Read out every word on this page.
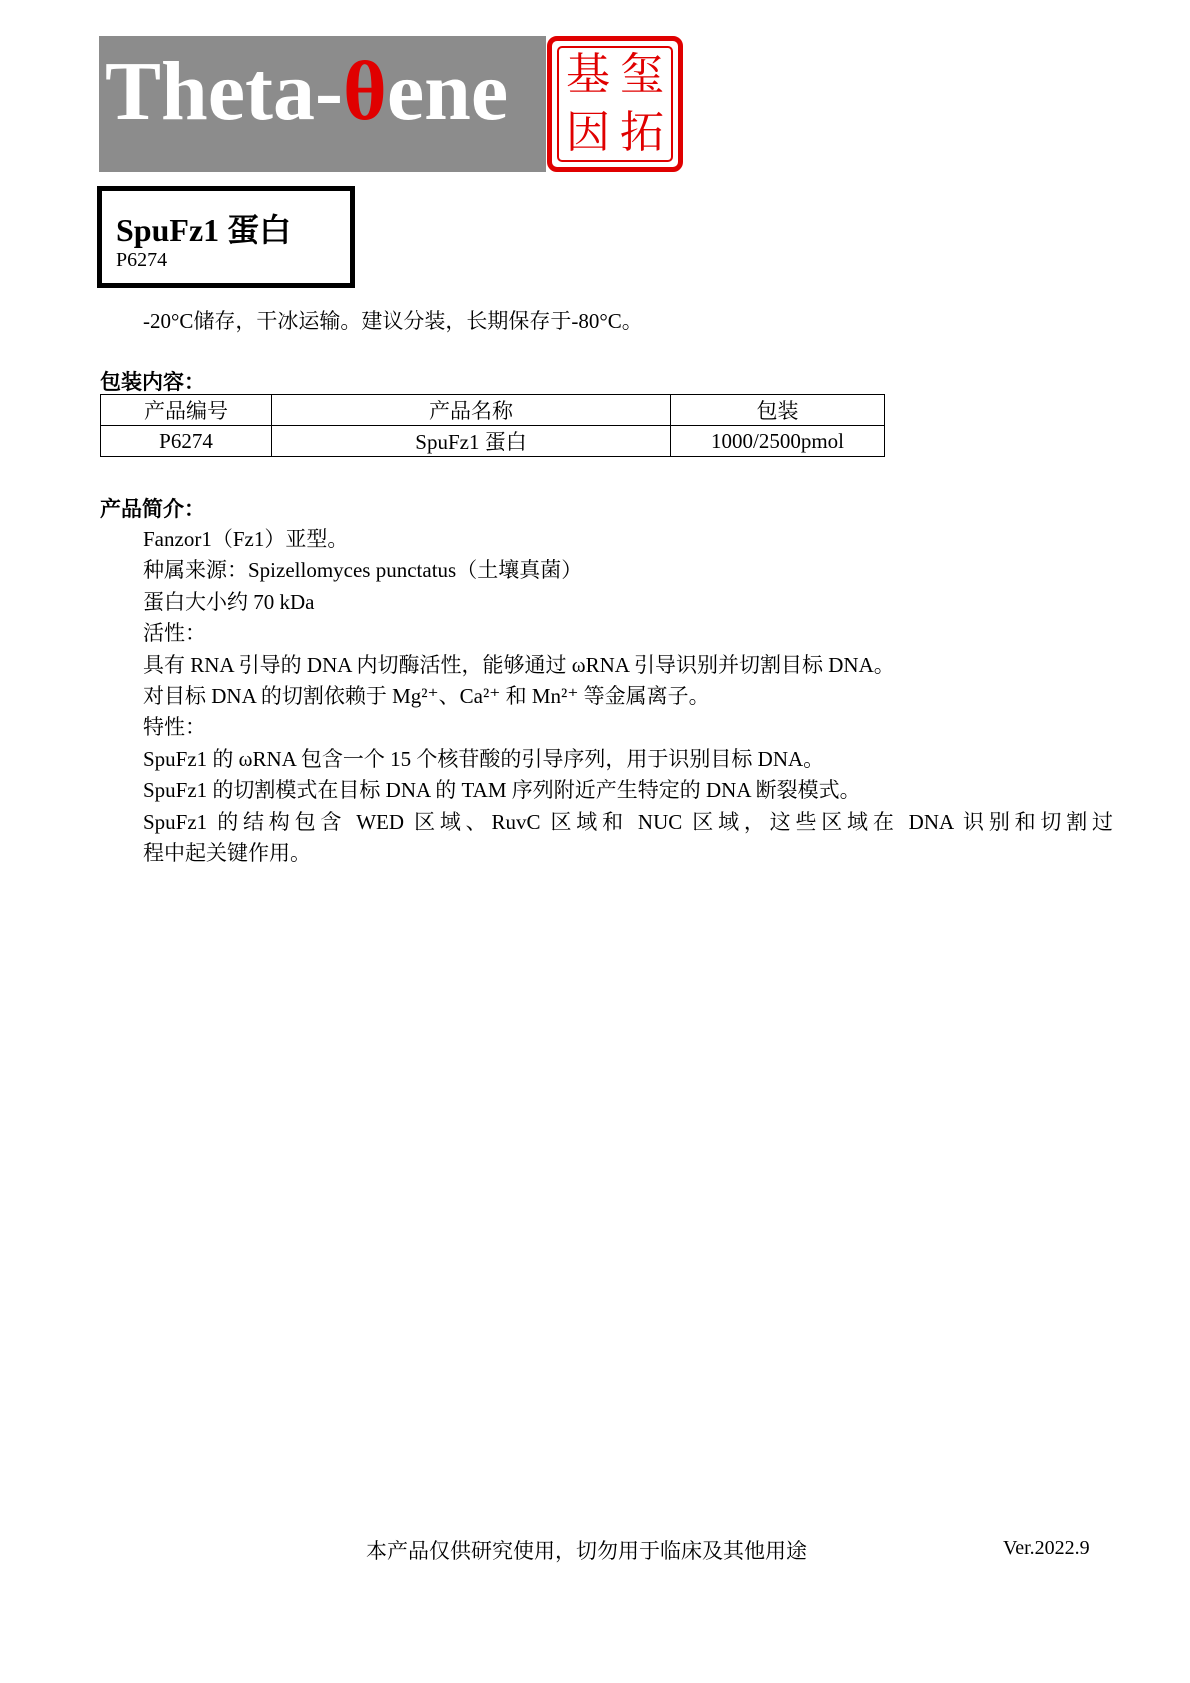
Theta-θene 基 玺
因 拓
SpuFz1 蛋白
P6274
-20°C储存，干冰运输。建议分装，长期保存于-80°C。
包装内容：
产品编号	产品名称	包装
P6274	SpuFz1 蛋白	1000/2500pmol
产品简介：

Fanzor1（Fz1）亚型。

种属来源：Spizellomyces punctatus（土壤真菌）

蛋白大小约 70 kDa

活性：

具有 RNA 引导的 DNA 内切酶活性，能够通过 ωRNA 引导识别并切割目标 DNA。

对目标 DNA 的切割依赖于 Mg²⁺、Ca²⁺ 和 Mn²⁺ 等金属离子。

特性：

SpuFz1 的 ωRNA 包含一个 15 个核苷酸的引导序列，用于识别目标 DNA。

SpuFz1 的切割模式在目标 DNA 的 TAM 序列附近产生特定的 DNA 断裂模式。

SpuFz1 的结构包含 WED 区域、RuvC 区域和 NUC 区域，这些区域在 DNA 识别和切割过

程中起关键作用。

本产品仅供研究使用，切勿用于临床及其他用途	Ver.2022.9
